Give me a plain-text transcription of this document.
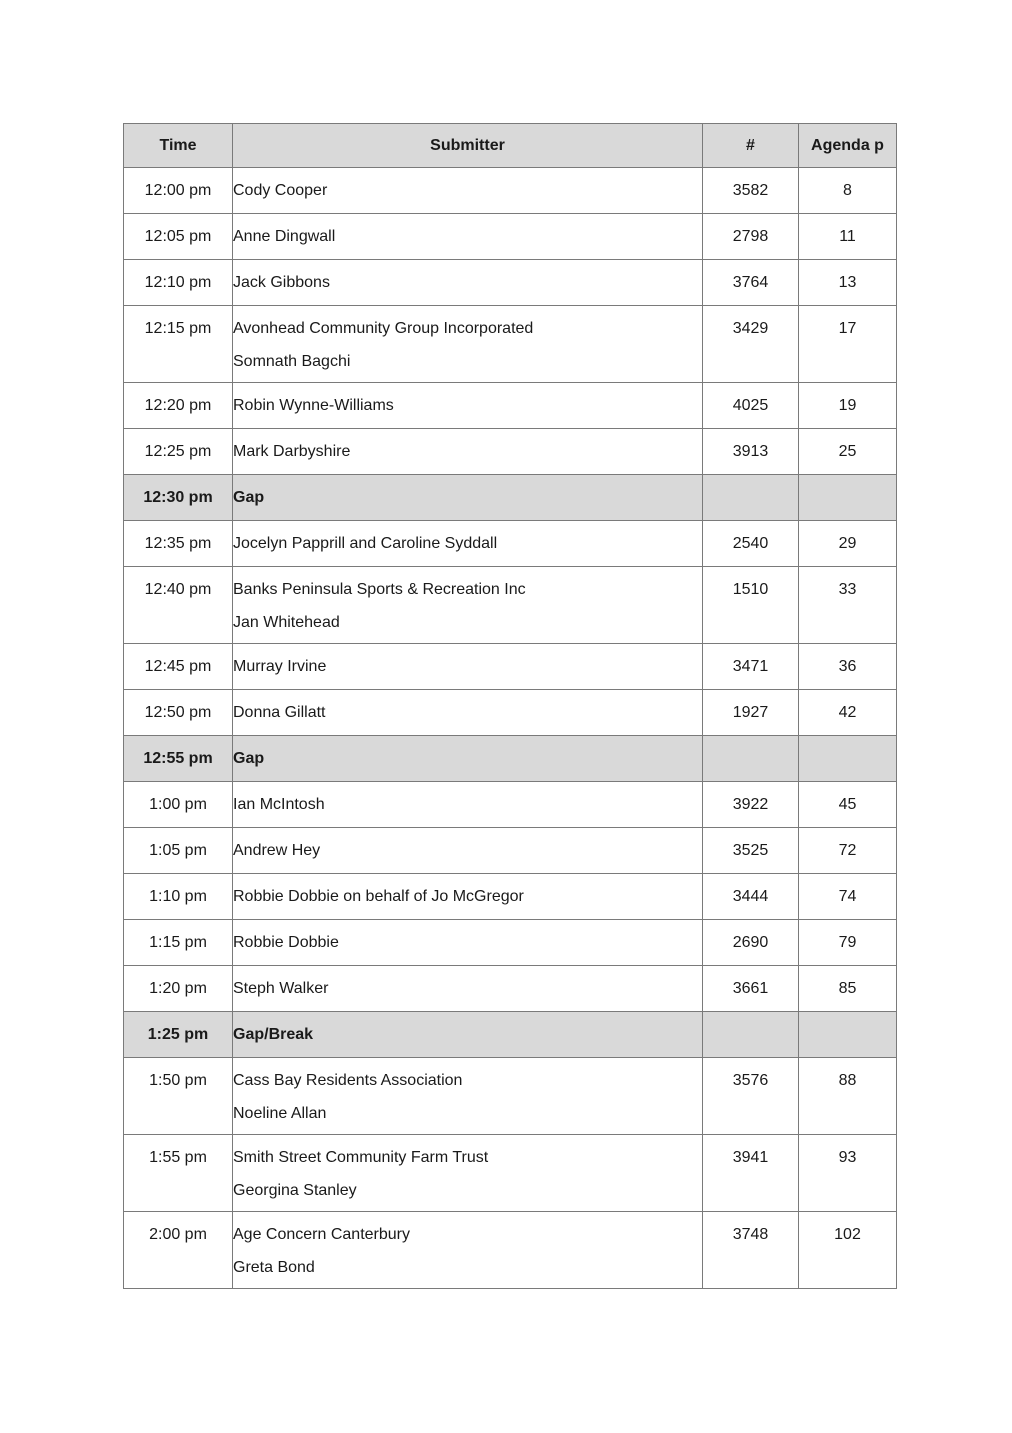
Time	Submitter	#	Agenda p

12:00 pm	Cody Cooper	3582	8

12:05 pm	Anne Dingwall	2798	11

12:10 pm	Jack Gibbons	3764	13

12:15 pm	Avonhead Community Group Incorporated
Somnath Bagchi	3429	17

12:20 pm	Robin Wynne-Williams	4025	19

12:25 pm	Mark Darbyshire	3913	25

12:30 pm	Gap		

12:35 pm	Jocelyn Papprill and Caroline Syddall	2540	29

12:40 pm	Banks Peninsula Sports & Recreation Inc
Jan Whitehead	1510	33

12:45 pm	Murray Irvine	3471	36

12:50 pm	Donna Gillatt	1927	42

12:55 pm	Gap		

1:00 pm	Ian McIntosh	3922	45

1:05 pm	Andrew Hey	3525	72

1:10 pm	Robbie Dobbie on behalf of Jo McGregor	3444	74

1:15 pm	Robbie Dobbie	2690	79

1:20 pm	Steph Walker	3661	85

1:25 pm	Gap/Break		

1:50 pm	Cass Bay Residents Association
Noeline Allan	3576	88

1:55 pm	Smith Street Community Farm Trust
Georgina Stanley	3941	93

2:00 pm	Age Concern Canterbury
Greta Bond	3748	102
